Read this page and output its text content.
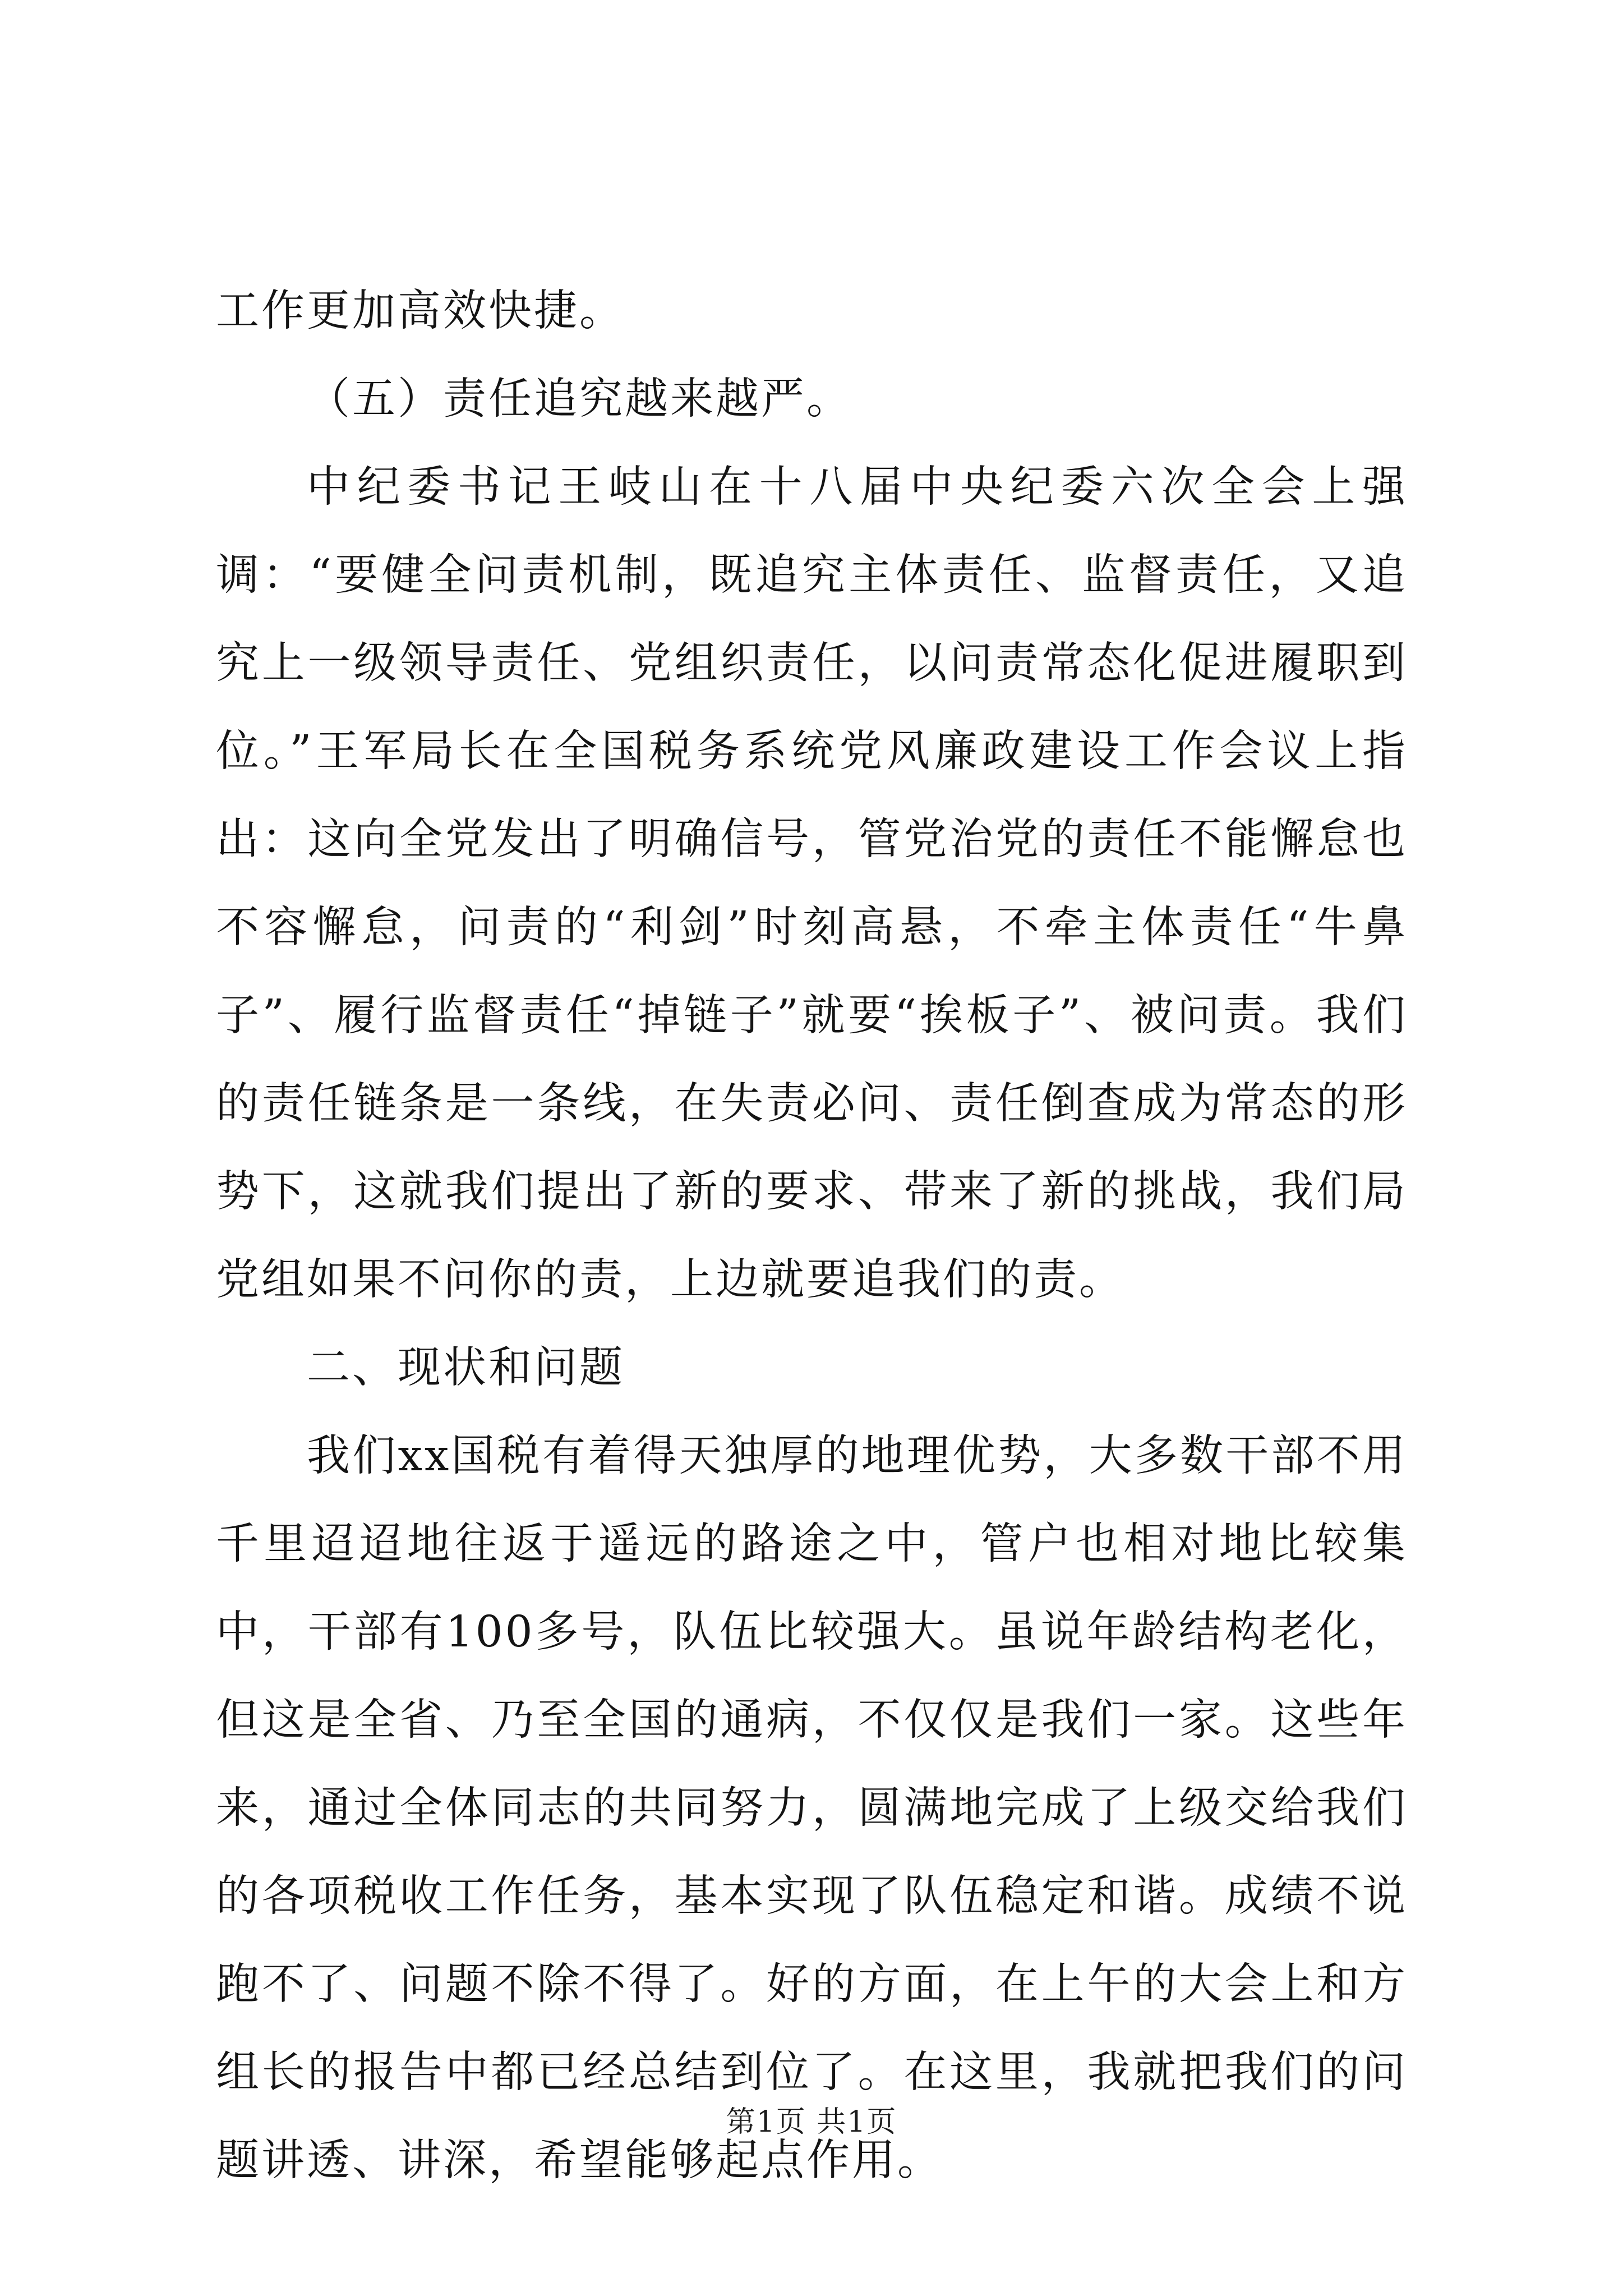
工作更加高效快捷。

（五）责任追究越来越严。

中纪委书记王岐山在十八届中央纪委六次全会上强调：“要健全问责机制，既追究主体责任、监督责任，又追究上一级领导责任、党组织责任，以问责常态化促进履职到位。”王军局长在全国税务系统党风廉政建设工作会议上指出：这向全党发出了明确信号，管党治党的责任不能懈怠也不容懈怠，问责的“利剑”时刻高悬，不牵主体责任“牛鼻子”、履行监督责任“掉链子”就要“挨板子”、被问责。我们的责任链条是一条线，在失责必问、责任倒查成为常态的形势下，这就我们提出了新的要求、带来了新的挑战，我们局党组如果不问你的责，上边就要追我们的责。

二、现状和问题

我们xx国税有着得天独厚的地理优势，大多数干部不用千里迢迢地往返于遥远的路途之中，管户也相对地比较集中，干部有100多号，队伍比较强大。虽说年龄结构老化，但这是全省、乃至全国的通病，不仅仅是我们一家。这些年来，通过全体同志的共同努力，圆满地完成了上级交给我们的各项税收工作任务，基本实现了队伍稳定和谐。成绩不说跑不了、问题不除不得了。好的方面，在上午的大会上和方组长的报告中都已经总结到位了。在这里，我就把我们的问题讲透、讲深，希望能够起点作用。

第1页 共1页
